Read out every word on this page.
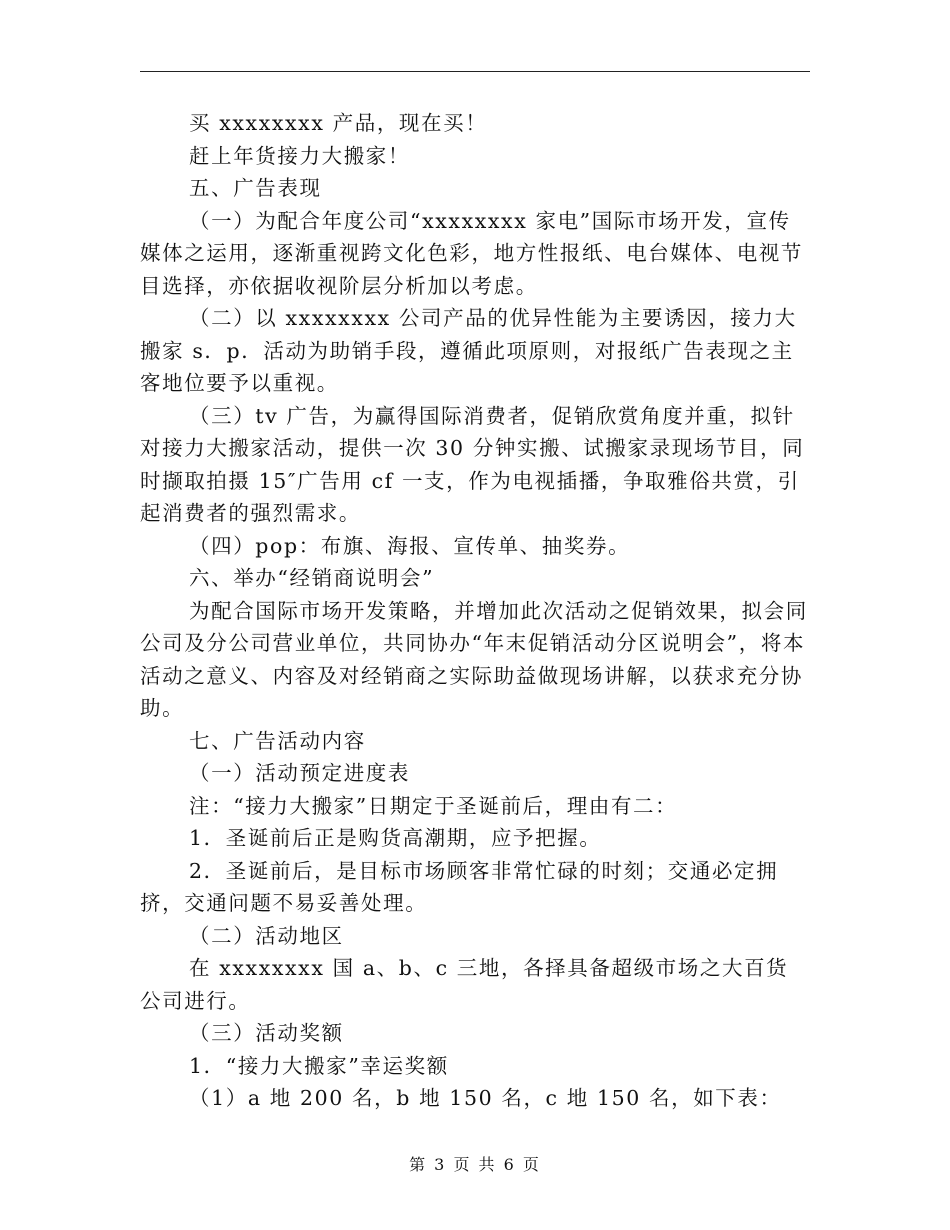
买 xxxxxxxx 产品，现在买！

赶上年货接力大搬家！

五、广告表现

（一）为配合年度公司“xxxxxxxx 家电”国际市场开发，宣传媒体之运用，逐渐重视跨文化色彩，地方性报纸、电台媒体、电视节目选择，亦依据收视阶层分析加以考虑。

（二）以 xxxxxxxx 公司产品的优异性能为主要诱因，接力大搬家 s．p．活动为助销手段，遵循此项原则，对报纸广告表现之主客地位要予以重视。

（三）tv 广告，为赢得国际消费者，促销欣赏角度并重，拟针对接力大搬家活动，提供一次 30 分钟实搬、试搬家录现场节目，同时撷取拍摄 15″广告用 cf 一支，作为电视插播，争取雅俗共赏，引起消费者的强烈需求。

（四）pop：布旗、海报、宣传单、抽奖券。

六、举办“经销商说明会”

为配合国际市场开发策略，并增加此次活动之促销效果，拟会同公司及分公司营业单位，共同协办“年末促销活动分区说明会”，将本活动之意义、内容及对经销商之实际助益做现场讲解，以获求充分协助。

七、广告活动内容

（一）活动预定进度表

注：“接力大搬家”日期定于圣诞前后，理由有二：

1．圣诞前后正是购货高潮期，应予把握。

2．圣诞前后，是目标市场顾客非常忙碌的时刻；交通必定拥挤，交通问题不易妥善处理。

（二）活动地区

在 xxxxxxxx 国 a、b、c 三地，各择具备超级市场之大百货公司进行。

（三）活动奖额

1．“接力大搬家”幸运奖额

（1）a 地 200 名，b 地 150 名，c 地 150 名，如下表：

第 3 页 共 6 页
